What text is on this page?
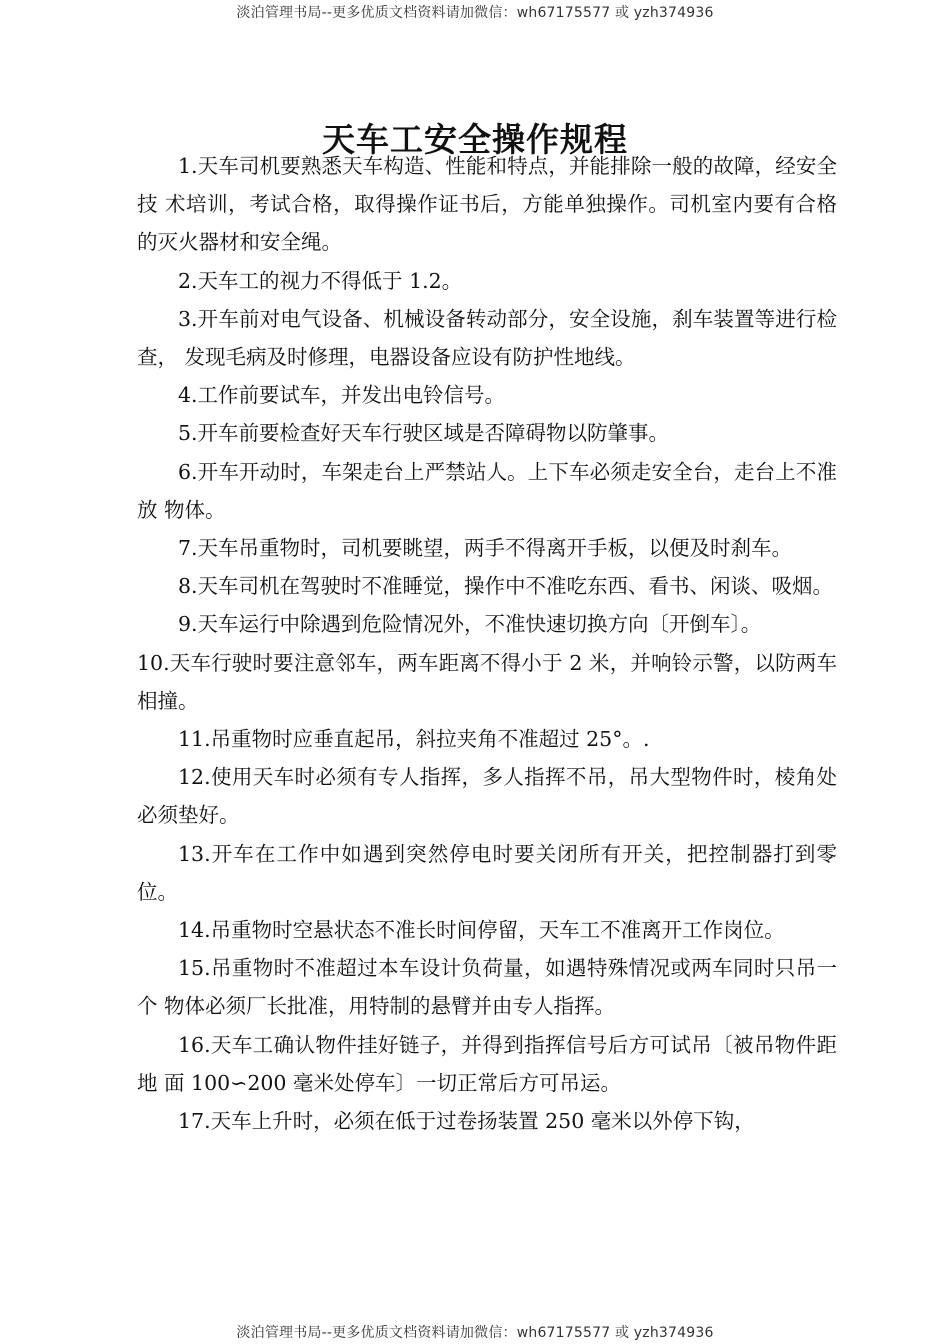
淡泊管理书局--更多优质文档资料请加微信：wh67175577 或 yzh374936
天车工安全操作规程

1.天车司机要熟悉天车构造、性能和特点，并能排除一般的故障，经安全技 术培训，考试合格，取得操作证书后，方能单独操作。司机室内要有合格的灭火器材和安全绳。

2.天车工的视力不得低于 1.2。

3.开车前对电气设备、机械设备转动部分，安全设施，刹车装置等进行检查， 发现毛病及时修理，电器设备应设有防护性地线。

4.工作前要试车，并发出电铃信号。

5.开车前要检查好天车行驶区域是否障碍物以防肇事。

6.开车开动时，车架走台上严禁站人。上下车必须走安全台，走台上不准放 物体。

7.天车吊重物时，司机要眺望，两手不得离开手板，以便及时刹车。

8.天车司机在驾驶时不准睡觉，操作中不准吃东西、看书、闲谈、吸烟。

9.天车运行中除遇到危险情况外，不准快速切换方向〔开倒车〕。

10.天车行驶时要注意邻车，两车距离不得小于 2 米，并响铃示警，以防两车相撞。

11.吊重物时应垂直起吊，斜拉夹角不准超过 25°。.

12.使用天车时必须有专人指挥，多人指挥不吊，吊大型物件时，棱角处必须垫好。

13.开车在工作中如遇到突然停电时要关闭所有开关，把控制器打到零位。

14.吊重物时空悬状态不准长时间停留，天车工不准离开工作岗位。

15.吊重物时不准超过本车设计负荷量，如遇特殊情况或两车同时只吊一个 物体必须厂长批准，用特制的悬臂并由专人指挥。

16.天车工确认物件挂好链子，并得到指挥信号后方可试吊〔被吊物件距地 面 100∽200 毫米处停车〕一切正常后方可吊运。

17.天车上升时，必须在低于过卷扬装置 250 毫米以外停下钩，

淡泊管理书局--更多优质文档资料请加微信：wh67175577 或 yzh374936
